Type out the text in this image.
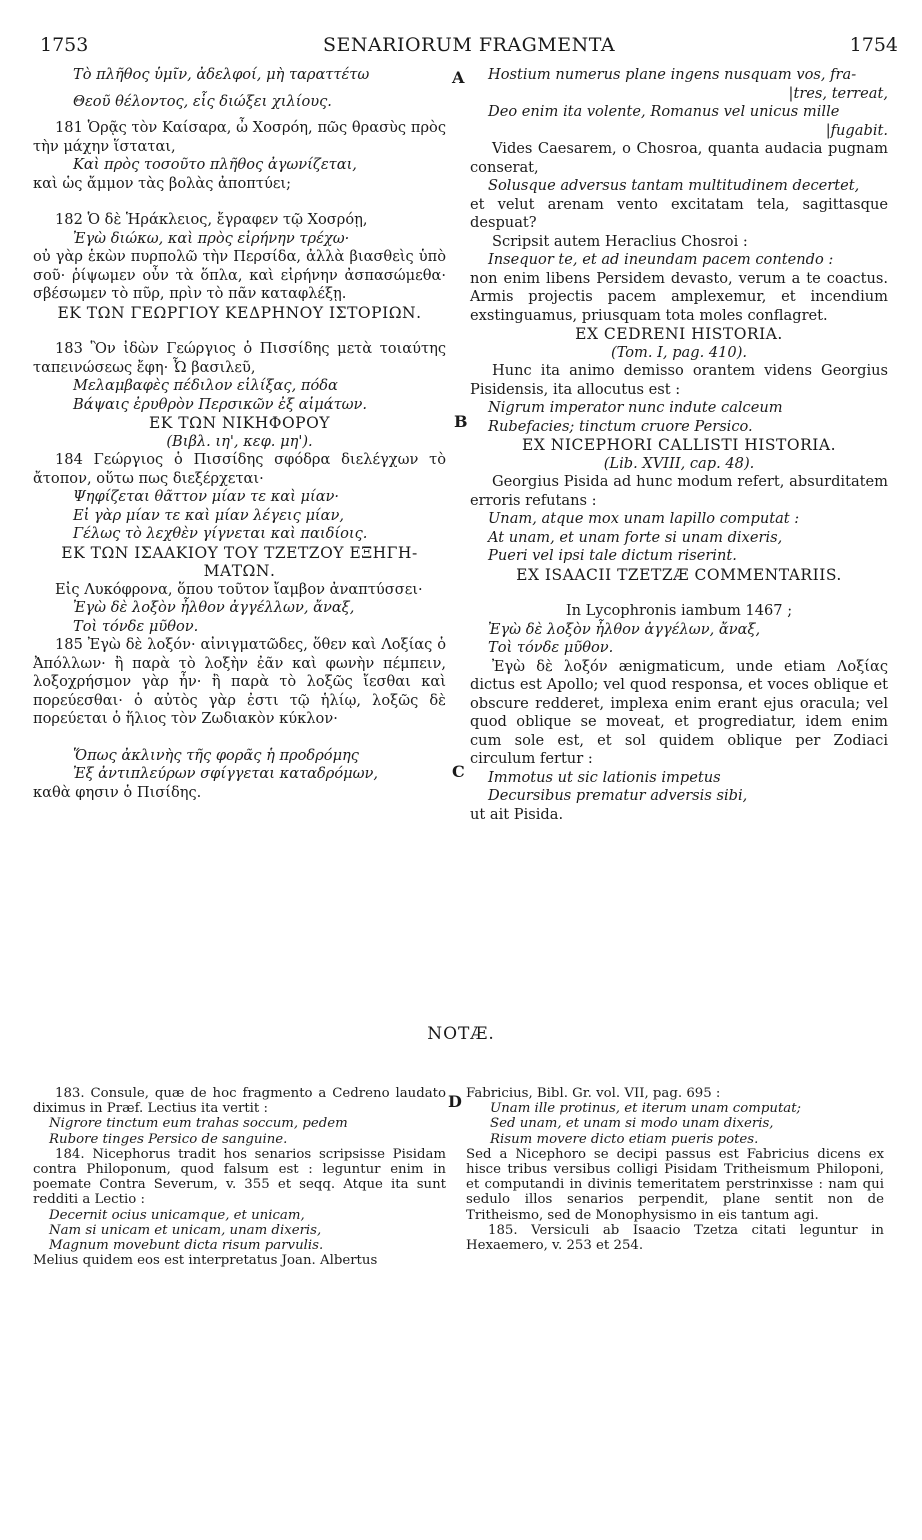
1753	SENARIORUM FRAGMENTA	1754
A
B
C
D

Τὸ πλῆθος ὑμῖν, ἀδελφοί, μὴ ταραττέτω

Θεοῦ θέλοντος, εἷς διώξει χιλίους.

181 Ὁρᾷς τὸν Καίσαρα, ὦ Χοσρόη, πῶς θρασὺς πρὸς τὴν μάχην ἵσταται,

Καὶ πρὸς τοσοῦτο πλῆθος ἀγωνίζεται,

καὶ ὡς ἄμμον τὰς βολὰς ἀποπτύει;

182 Ὁ δὲ Ἡράκλειος, ἔγραφεν τῷ Χοσρόῃ,

Ἐγὼ διώκω, καὶ πρὸς εἰρήνην τρέχω·

οὐ γὰρ ἑκὼν πυρπολῶ τὴν Περσίδα, ἀλλὰ βιασθεὶς ὑπὸ σοῦ· ῥίψωμεν οὖν τὰ ὅπλα, καὶ εἰρήνην ἀσπασώμεθα· σβέσωμεν τὸ πῦρ, πρὶν τὸ πᾶν καταφλέξῃ.

ΕΚ ΤΩΝ ΓΕΩΡΓΙΟΥ ΚΕΔΡΗΝΟΥ ΙΣΤΟΡΙΩΝ.

183 Ὃν ἰδὼν Γεώργιος ὁ Πισσίδης μετὰ τοιαύτης ταπεινώσεως ἔφη· Ὦ βασιλεῦ,

Μελαμβαφὲς πέδιλον εἱλίξας, πόδα

Βάψαις ἐρυθρὸν Περσικῶν ἐξ αἱμάτων.

ΕΚ ΤΩΝ ΝΙΚΗΦΟΡΟΥ

(Βιβλ. ιη', κεφ. μη').

184 Γεώργιος ὁ Πισσίδης σφόδρα διελέγχων τὸ ἄτοπον, οὕτω πως διεξέρχεται·

Ψηφίζεται θᾶττον μίαν τε καὶ μίαν·

Εἰ γὰρ μίαν τε καὶ μίαν λέγεις μίαν,

Γέλως τὸ λεχθὲν γίγνεται καὶ παιδίοις.

ΕΚ ΤΩΝ ΙΣΑΑΚΙΟΥ ΤΟΥ ΤΖΕΤΖΟΥ ΕΞΗΓΗ-ΜΑΤΩΝ.

Εἰς Λυκόφρονα, ὅπου τοῦτον ἴαμβον ἀναπτύσσει·

Ἐγὼ δὲ λοξὸν ἦλθον ἀγγέλλων, ἄναξ,

Τοὶ τόνδε μῦθον.

185 Ἐγὼ δὲ λοξόν· αἰνιγματῶδες, ὅθεν καὶ Λοξίας ὁ Ἀπόλλων· ἢ παρὰ τὸ λοξὴν ἐᾶν καὶ φωνὴν πέμπειν, λοξοχρήσμον γὰρ ἦν· ἢ παρὰ τὸ λοξῶς ἴεσθαι καὶ πορεύεσθαι· ὁ αὐτὸς γὰρ ἐστι τῷ ἡλίῳ, λοξῶς δὲ πορεύεται ὁ ἥλιος τὸν Ζωδιακὸν κύκλον·

Ὅπως ἀκλινὴς τῆς φορᾶς ἡ προδρόμης

Ἐξ ἀντιπλεύρων σφίγγεται καταδρόμων,

καθὰ φησιν ὁ Πισίδης.

Hostium numerus plane ingens nusquam vos, fra-

|tres, terreat,

Deo enim ita volente, Romanus vel unicus mille

|fugabit.

Vides Caesarem, o Chosroa, quanta audacia pugnam conserat,

Solusque adversus tantam multitudinem decertet,

et velut arenam vento excitatam tela, sagittasque despuat?

Scripsit autem Heraclius Chosroi :

Insequor te, et ad ineundam pacem contendo :

non enim libens Persidem devasto, verum a te coactus. Armis projectis pacem amplexemur, et incendium exstinguamus, priusquam tota moles conflagret.

EX CEDRENI HISTORIA.

(Tom. I, pag. 410).

Hunc ita animo demisso orantem videns Georgius Pisidensis, ita allocutus est :

Nigrum imperator nunc indute calceum

Rubefacies; tinctum cruore Persico.

EX NICEPHORI CALLISTI HISTORIA.

(Lib. XVIII, cap. 48).

Georgius Pisida ad hunc modum refert, absurditatem erroris refutans :

Unam, atque mox unam lapillo computat :

At unam, et unam forte si unam dixeris,

Pueri vel ipsi tale dictum riserint.

EX ISAACII TZETZÆ COMMENTARIIS.

In Lycophronis iambum 1467 ;

Ἐγὼ δὲ λοξὸν ἦλθον ἀγγέλων, ἄναξ,

Τοὶ τόνδε μῦθον.

Ἐγὼ δὲ λοξόν ænigmaticum, unde etiam Λοξίας dictus est Apollo; vel quod responsa, et voces oblique et obscure redderet, implexa enim erant ejus oracula; vel quod oblique se moveat, et progrediatur, idem enim cum sole est, et sol quidem oblique per Zodiaci circulum fertur :

Immotus ut sic lationis impetus

Decursibus prematur adversis sibi,

ut ait Pisida.

NOTÆ.

183. Consule, quæ de hoc fragmento a Cedreno laudato diximus in Præf. Lectius ita vertit :

Nigrore tinctum eum trahas soccum, pedem

Rubore tinges Persico de sanguine.

184. Nicephorus tradit hos senarios scripsisse Pisidam contra Philoponum, quod falsum est : leguntur enim in poemate Contra Severum, v. 355 et seqq. Atque ita sunt redditi a Lectio :

Decernit ocius unicamque, et unicam,

Nam si unicam et unicam, unam dixeris,

Magnum movebunt dicta risum parvulis.

Melius quidem eos est interpretatus Joan. Albertus

Fabricius, Bibl. Gr. vol. VII, pag. 695 :

Unam ille protinus, et iterum unam computat;

Sed unam, et unam si modo unam dixeris,

Risum movere dicto etiam pueris potes.

Sed a Nicephoro se decipi passus est Fabricius dicens ex hisce tribus versibus colligi Pisidam Tritheismum Philoponi, et computandi in divinis temeritatem perstrinxisse : nam qui sedulo illos senarios perpendit, plane sentit non de Tritheismo, sed de Monophysismo in eis tantum agi.

185. Versiculi ab Isaacio Tzetza citati leguntur in Hexaemero, v. 253 et 254.
